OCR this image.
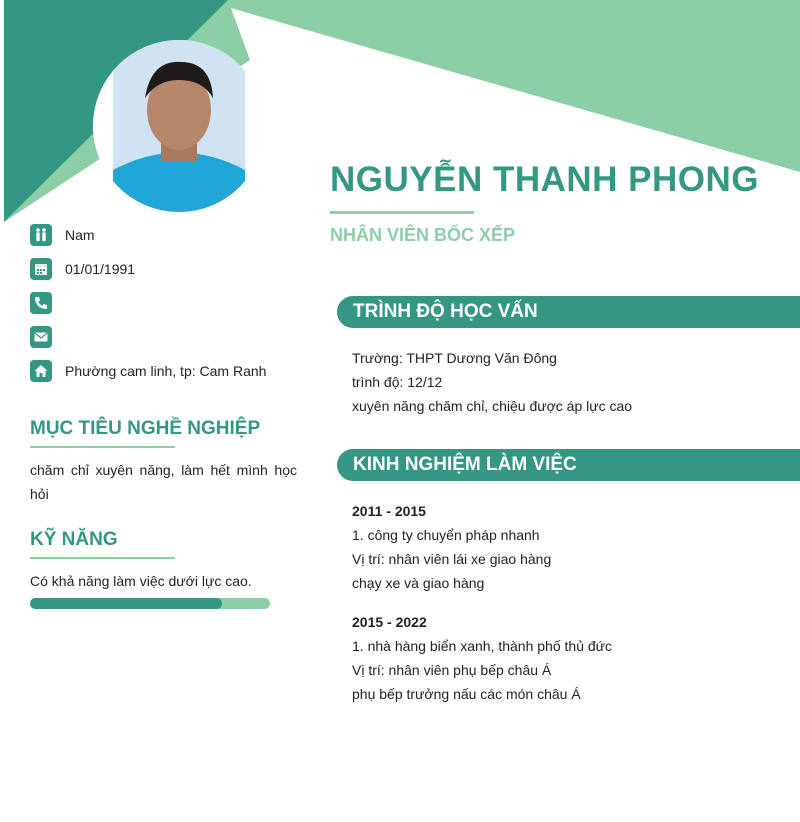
NGUYỄN THANH PHONG
NHÂN VIÊN BỐC XẾP
Nam
01/01/1991
Phường cam linh, tp: Cam Ranh
MỤC TIÊU NGHỀ NGHIỆP
chăm chỉ xuyên năng, làm hết mình học hỏi
KỸ NĂNG
Có khả năng làm việc dưới lực cao.
TRÌNH ĐỘ HỌC VẤN
Trường: THPT Dương Văn Đông
trình độ: 12/12
xuyên năng chăm chỉ, chiệu được áp lực cao
KINH NGHIỆM LÀM VIỆC
2011 - 2015
1. công ty chuyển pháp nhanh
Vị trí: nhân viên lái xe giao hàng
chạy xe và giao hàng
2015 - 2022
1. nhà hàng biển xanh, thành phố thủ đức
Vị trí: nhân viên phụ bếp châu Á
phụ bếp trưởng nấu các món châu Á
